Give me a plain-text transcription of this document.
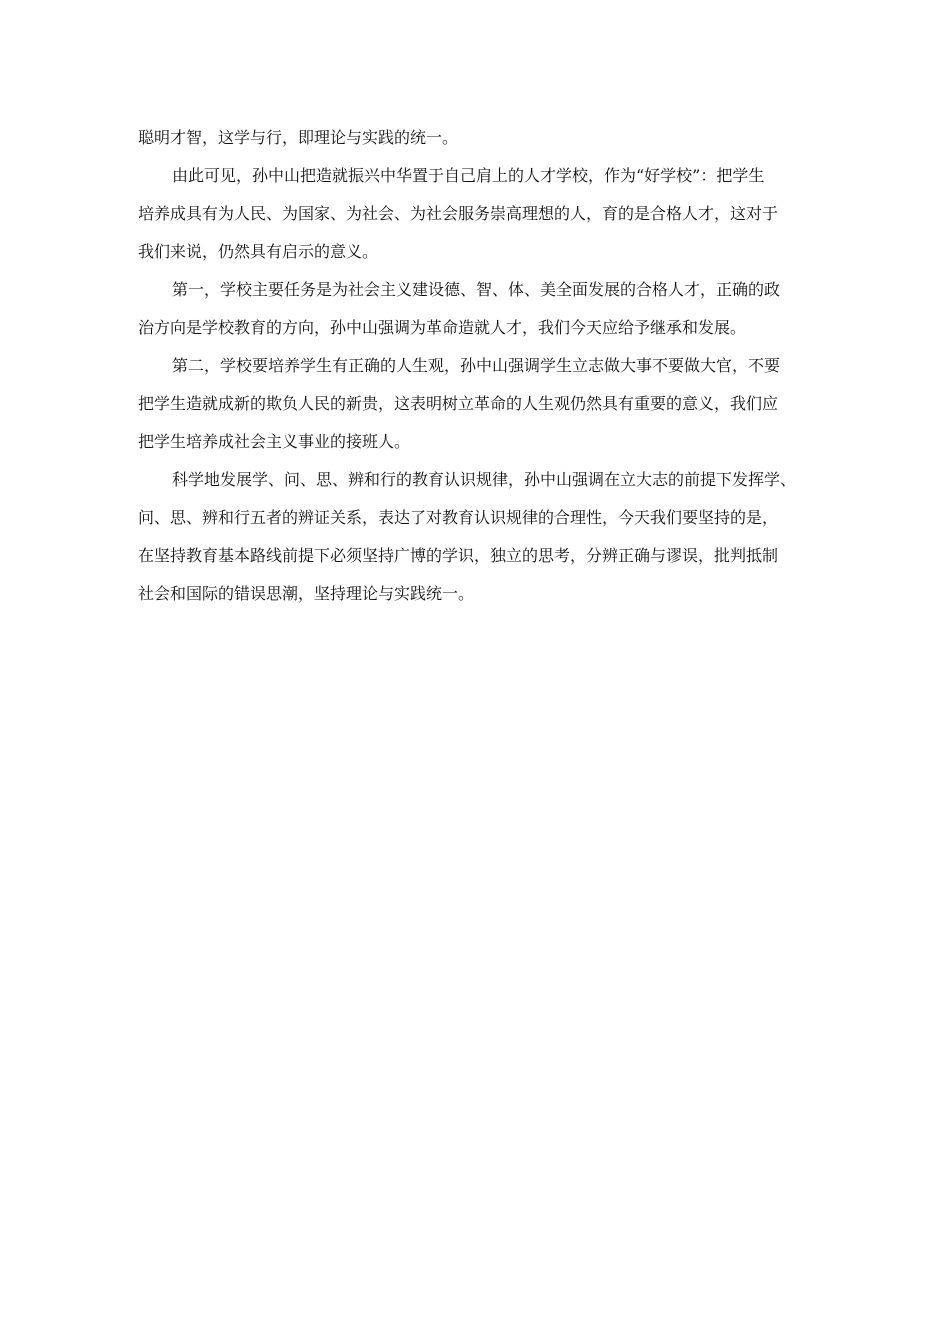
聪明才智，这学与行，即理论与实践的统一。
由此可见，孙中山把造就振兴中华置于自己肩上的人才学校，作为“好学校”：把学生
培养成具有为人民、为国家、为社会、为社会服务崇高理想的人，育的是合格人才，这对于
我们来说，仍然具有启示的意义。
第一，学校主要任务是为社会主义建设德、智、体、美全面发展的合格人才，正确的政
治方向是学校教育的方向，孙中山强调为革命造就人才，我们今天应给予继承和发展。
第二，学校要培养学生有正确的人生观，孙中山强调学生立志做大事不要做大官，不要
把学生造就成新的欺负人民的新贵，这表明树立革命的人生观仍然具有重要的意义，我们应
把学生培养成社会主义事业的接班人。
科学地发展学、问、思、辨和行的教育认识规律，孙中山强调在立大志的前提下发挥学、
问、思、辨和行五者的辨证关系，表达了对教育认识规律的合理性，今天我们要坚持的是，
在坚持教育基本路线前提下必须坚持广博的学识，独立的思考，分辨正确与谬误，批判抵制
社会和国际的错误思潮，坚持理论与实践统一。
